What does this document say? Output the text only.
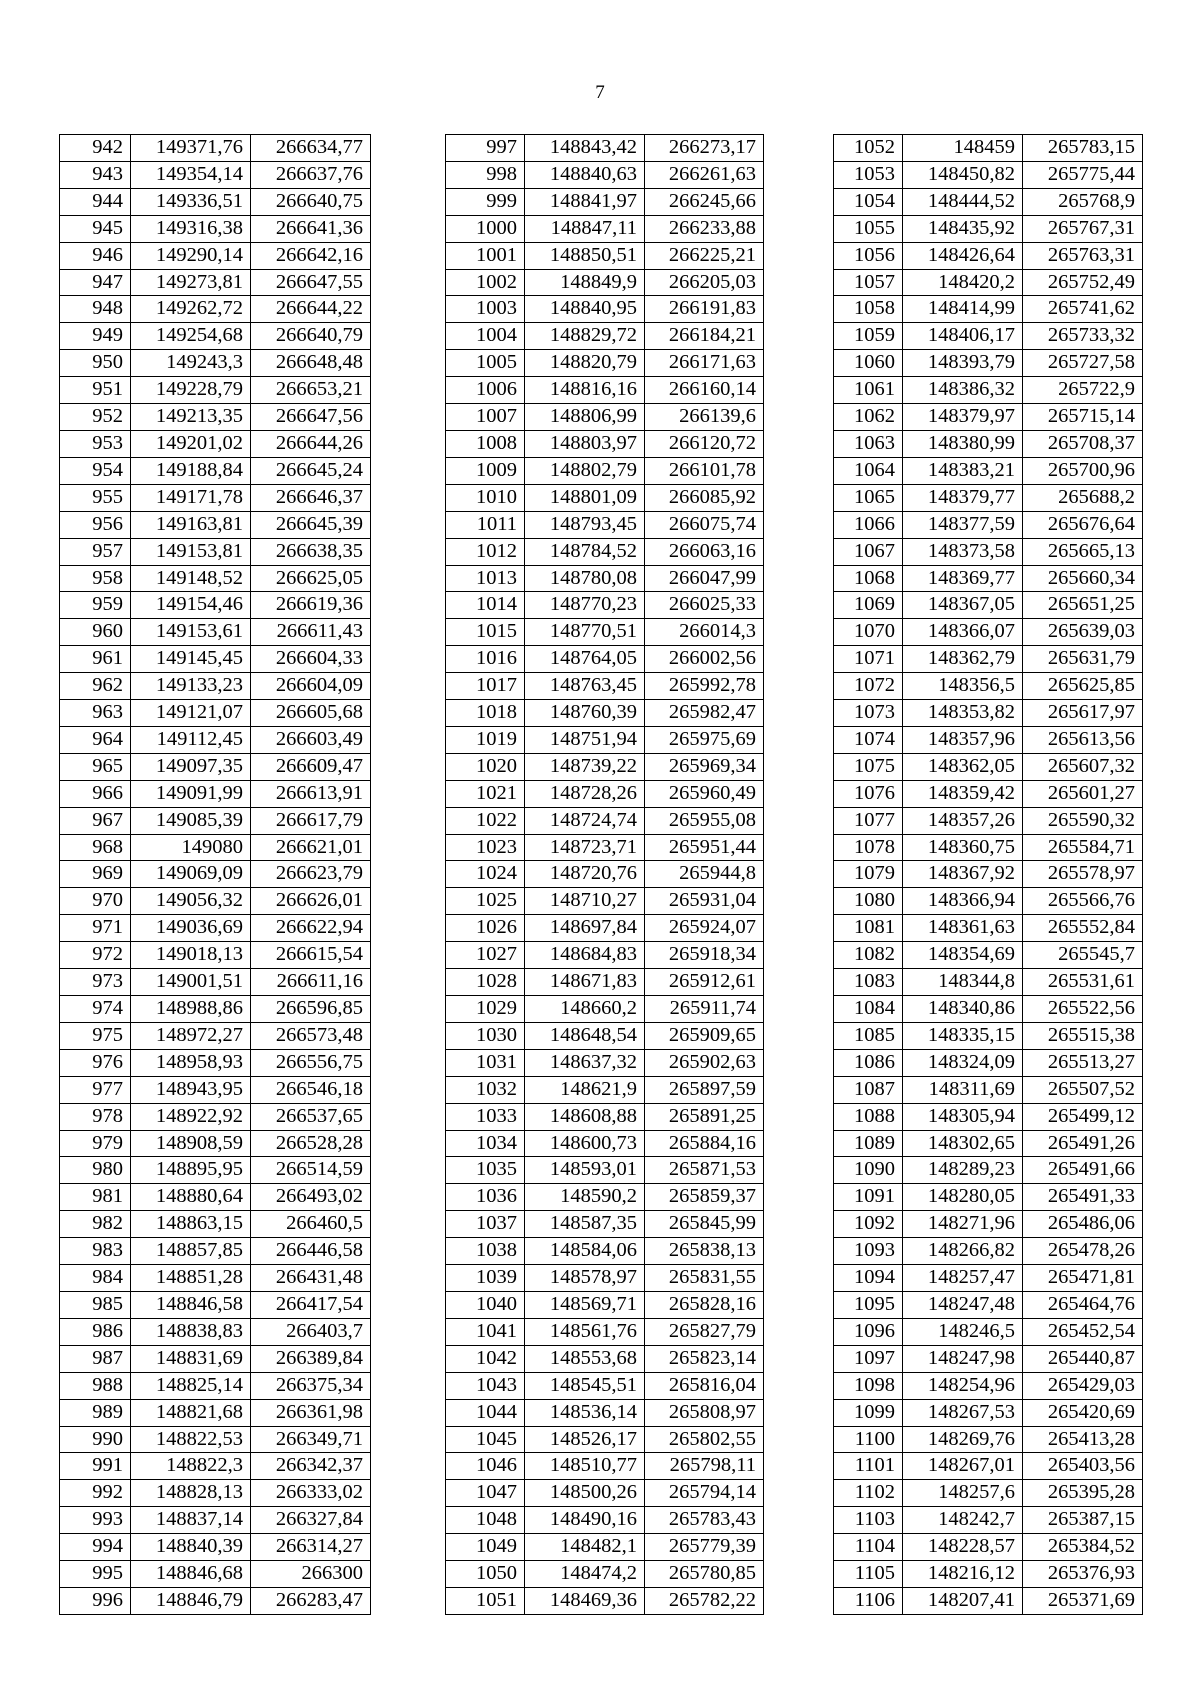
7
942	149371,76	266634,77
943	149354,14	266637,76
944	149336,51	266640,75
945	149316,38	266641,36
946	149290,14	266642,16
947	149273,81	266647,55
948	149262,72	266644,22
949	149254,68	266640,79
950	149243,3	266648,48
951	149228,79	266653,21
952	149213,35	266647,56
953	149201,02	266644,26
954	149188,84	266645,24
955	149171,78	266646,37
956	149163,81	266645,39
957	149153,81	266638,35
958	149148,52	266625,05
959	149154,46	266619,36
960	149153,61	266611,43
961	149145,45	266604,33
962	149133,23	266604,09
963	149121,07	266605,68
964	149112,45	266603,49
965	149097,35	266609,47
966	149091,99	266613,91
967	149085,39	266617,79
968	149080	266621,01
969	149069,09	266623,79
970	149056,32	266626,01
971	149036,69	266622,94
972	149018,13	266615,54
973	149001,51	266611,16
974	148988,86	266596,85
975	148972,27	266573,48
976	148958,93	266556,75
977	148943,95	266546,18
978	148922,92	266537,65
979	148908,59	266528,28
980	148895,95	266514,59
981	148880,64	266493,02
982	148863,15	266460,5
983	148857,85	266446,58
984	148851,28	266431,48
985	148846,58	266417,54
986	148838,83	266403,7
987	148831,69	266389,84
988	148825,14	266375,34
989	148821,68	266361,98
990	148822,53	266349,71
991	148822,3	266342,37
992	148828,13	266333,02
993	148837,14	266327,84
994	148840,39	266314,27
995	148846,68	266300
996	148846,79	266283,47
997	148843,42	266273,17
998	148840,63	266261,63
999	148841,97	266245,66
1000	148847,11	266233,88
1001	148850,51	266225,21
1002	148849,9	266205,03
1003	148840,95	266191,83
1004	148829,72	266184,21
1005	148820,79	266171,63
1006	148816,16	266160,14
1007	148806,99	266139,6
1008	148803,97	266120,72
1009	148802,79	266101,78
1010	148801,09	266085,92
1011	148793,45	266075,74
1012	148784,52	266063,16
1013	148780,08	266047,99
1014	148770,23	266025,33
1015	148770,51	266014,3
1016	148764,05	266002,56
1017	148763,45	265992,78
1018	148760,39	265982,47
1019	148751,94	265975,69
1020	148739,22	265969,34
1021	148728,26	265960,49
1022	148724,74	265955,08
1023	148723,71	265951,44
1024	148720,76	265944,8
1025	148710,27	265931,04
1026	148697,84	265924,07
1027	148684,83	265918,34
1028	148671,83	265912,61
1029	148660,2	265911,74
1030	148648,54	265909,65
1031	148637,32	265902,63
1032	148621,9	265897,59
1033	148608,88	265891,25
1034	148600,73	265884,16
1035	148593,01	265871,53
1036	148590,2	265859,37
1037	148587,35	265845,99
1038	148584,06	265838,13
1039	148578,97	265831,55
1040	148569,71	265828,16
1041	148561,76	265827,79
1042	148553,68	265823,14
1043	148545,51	265816,04
1044	148536,14	265808,97
1045	148526,17	265802,55
1046	148510,77	265798,11
1047	148500,26	265794,14
1048	148490,16	265783,43
1049	148482,1	265779,39
1050	148474,2	265780,85
1051	148469,36	265782,22
1052	148459	265783,15
1053	148450,82	265775,44
1054	148444,52	265768,9
1055	148435,92	265767,31
1056	148426,64	265763,31
1057	148420,2	265752,49
1058	148414,99	265741,62
1059	148406,17	265733,32
1060	148393,79	265727,58
1061	148386,32	265722,9
1062	148379,97	265715,14
1063	148380,99	265708,37
1064	148383,21	265700,96
1065	148379,77	265688,2
1066	148377,59	265676,64
1067	148373,58	265665,13
1068	148369,77	265660,34
1069	148367,05	265651,25
1070	148366,07	265639,03
1071	148362,79	265631,79
1072	148356,5	265625,85
1073	148353,82	265617,97
1074	148357,96	265613,56
1075	148362,05	265607,32
1076	148359,42	265601,27
1077	148357,26	265590,32
1078	148360,75	265584,71
1079	148367,92	265578,97
1080	148366,94	265566,76
1081	148361,63	265552,84
1082	148354,69	265545,7
1083	148344,8	265531,61
1084	148340,86	265522,56
1085	148335,15	265515,38
1086	148324,09	265513,27
1087	148311,69	265507,52
1088	148305,94	265499,12
1089	148302,65	265491,26
1090	148289,23	265491,66
1091	148280,05	265491,33
1092	148271,96	265486,06
1093	148266,82	265478,26
1094	148257,47	265471,81
1095	148247,48	265464,76
1096	148246,5	265452,54
1097	148247,98	265440,87
1098	148254,96	265429,03
1099	148267,53	265420,69
1100	148269,76	265413,28
1101	148267,01	265403,56
1102	148257,6	265395,28
1103	148242,7	265387,15
1104	148228,57	265384,52
1105	148216,12	265376,93
1106	148207,41	265371,69
